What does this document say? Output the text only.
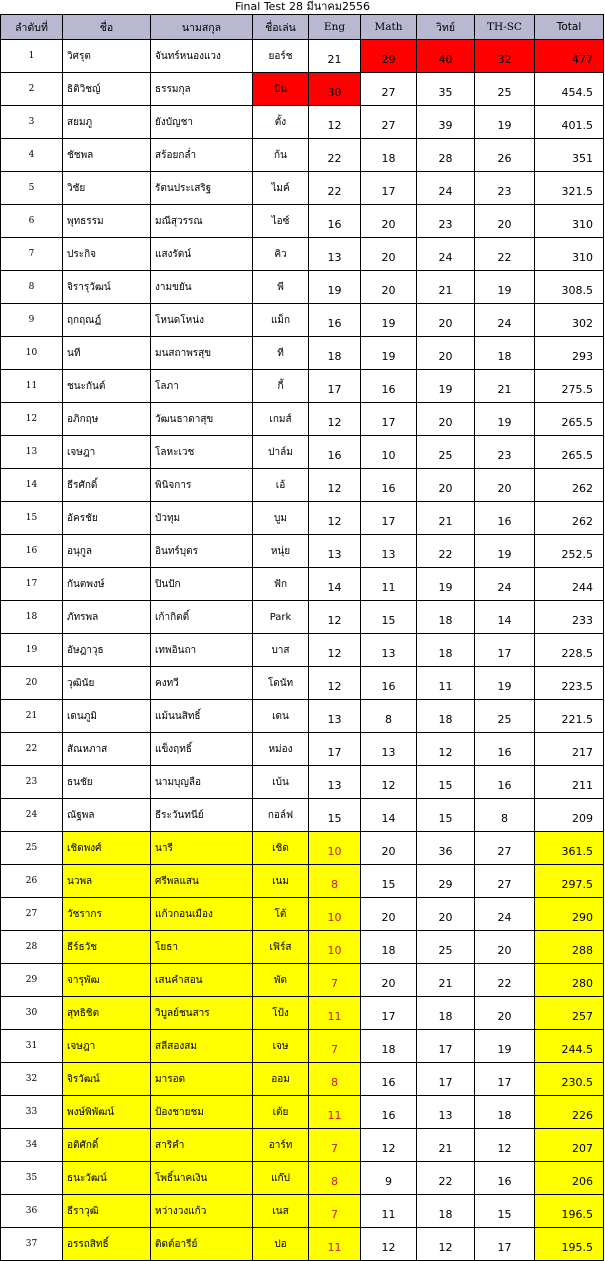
Final Test 28 มีนาคม2556
ลำดับที่	ชื่อ	นามสกุล	ชื่อเล่น	Eng	Math	วิทย์	TH-SC	Total
1	วิศรุต	จันทร์หนองแวง	ยอร์ช	21	29	40	32	477
2	ธิติวิชญ์	ธรรมกุล	ปัน	30	27	35	25	454.5
3	สยมภู	ยังบัญชา	ตั้ง	12	27	39	19	401.5
4	ชัชพล	สร้อยกล่ำ	ก้น	22	18	28	26	351
5	วิชัย	รัตนประเสริฐ	ไมค์	22	17	24	23	321.5
6	พุทธรรม	มณีสุวรรณ	ไอซ์	16	20	23	20	310
7	ประกิจ	แสงรัตน์	คิว	13	20	24	22	310
8	จิรารุวัฒน์	งามขยัน	พี	19	20	21	19	308.5
9	ฤกฤณฏ์	โหนดโหน่ง	แม็ก	16	19	20	24	302
10	นที	มนสถาพรสุข	ที	18	19	20	18	293
11	ชนะกันต์	โลภา	กี้	17	16	19	21	275.5
12	อภิกฤษ	วัฒนธาดาสุข	เกมส์	12	17	20	19	265.5
13	เจษฎา	โลหะเวช	ปาล์ม	16	10	25	23	265.5
14	ธีรศักดิ์	พินิจการ	เอ้	12	16	20	20	262
15	อัครชัย	บัวทุม	บูม	12	17	21	16	262
16	อนุกูล	อินทร์บุตร	หนุ่ย	13	13	22	19	252.5
17	กันตพงษ์	ปินปัก	ฟัก	14	11	19	24	244
18	ภัทรพล	เก้ากิตติ์	Park	12	15	18	14	233
19	อัษฎาวุธ	เทพอินถา	บาส	12	13	18	17	228.5
20	วุฒินัย	คงทวี	โดนัท	12	16	11	19	223.5
21	เดนภูมิ	แม้นนสิทธิ์	เดน	13	8	18	25	221.5
22	สัณหภาส	แข็งฤทธิ์	หม่อง	17	13	12	16	217
23	ธนชัย	นามบุญลือ	เบ้น	13	12	15	16	211
24	ณัฐพล	ธีระวันทนีย์	กอล์ฟ	15	14	15	8	209
25	เชิดพงศ์	นารี	เชิด	10	20	36	27	361.5
26	นวพล	ศรีพลแสน	เนม	8	15	29	27	297.5
27	วัชรากร	แก้วกอนเมือง	โต้	10	20	20	24	290
28	ธีร์ธวัช	โยธา	เฟิร์ส	10	18	25	20	288
29	จารุพัฒ	เสนคำสอน	พัด	7	20	21	22	280
30	สุทธิชิต	วิบูลย์ชนสาร	โป้ง	11	17	18	20	257
31	เจษฎา	สลีสองสม	เจษ	7	18	17	19	244.5
32	จิรวัฒน์	มารอด	ออม	8	16	17	17	230.5
33	พงษ์พิพัฒน์	ป้องชายชม	เต้ย	11	16	13	18	226
34	อติศักดิ์	สาริคำ	อาร์ท	7	12	21	12	207
35	ธนะวัฒน์	โพธิ์นาคเงิน	แก๊ป	8	9	22	16	206
36	ธีราวุฒิ	หว่างวงแก้ว	เนส	7	11	18	15	196.5
37	อรรถสิทธิ์	ติดต์อารีย์	ปอ	11	12	12	17	195.5
